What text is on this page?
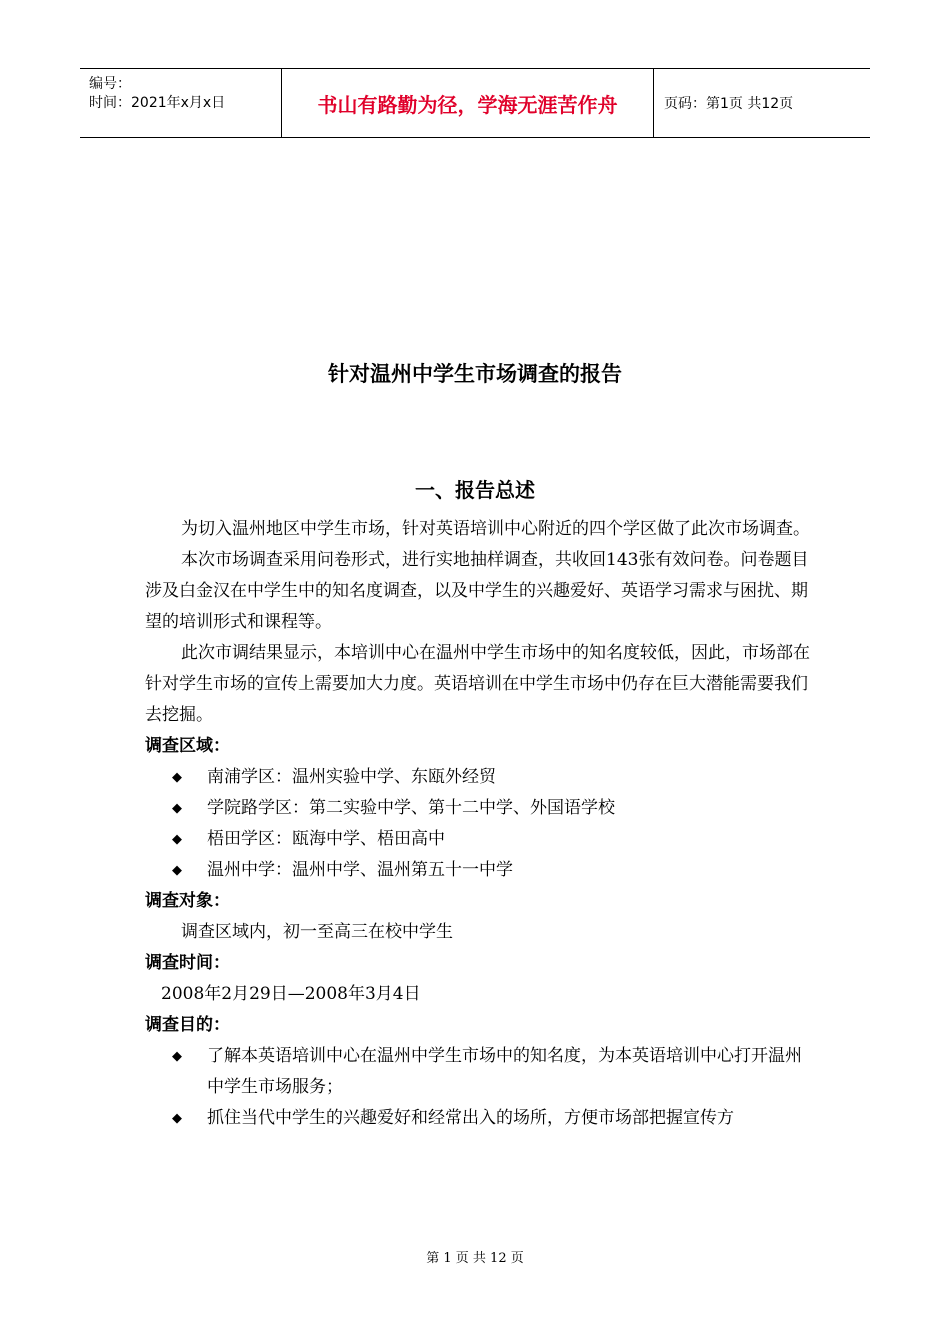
编号：
时间：2021年x月x日	书山有路勤为径，学海无涯苦作舟	页码：第1页 共12页
针对温州中学生市场调查的报告
一、报告总述

为切入温州地区中学生市场，针对英语培训中心附近的四个学区做了此次市场调查。

本次市场调查采用问卷形式，进行实地抽样调查，共收回143张有效问卷。问卷题目涉及白金汉在中学生中的知名度调查，以及中学生的兴趣爱好、英语学习需求与困扰、期望的培训形式和课程等。

此次市调结果显示，本培训中心在温州中学生市场中的知名度较低，因此，市场部在针对学生市场的宣传上需要加大力度。英语培训在中学生市场中仍存在巨大潜能需要我们去挖掘。

调查区域：

◆ 南浦学区：温州实验中学、东瓯外经贸
◆ 学院路学区：第二实验中学、第十二中学、外国语学校
◆ 梧田学区：瓯海中学、梧田高中
◆ 温州中学：温州中学、温州第五十一中学

调查对象：

调查区域内，初一至高三在校中学生

调查时间：

2008年2月29日—2008年3月4日

调查目的：

◆ 了解本英语培训中心在温州中学生市场中的知名度，为本英语培训中心打开温州中学生市场服务；
◆ 抓住当代中学生的兴趣爱好和经常出入的场所，方便市场部把握宣传方
第 1 页 共 12 页
